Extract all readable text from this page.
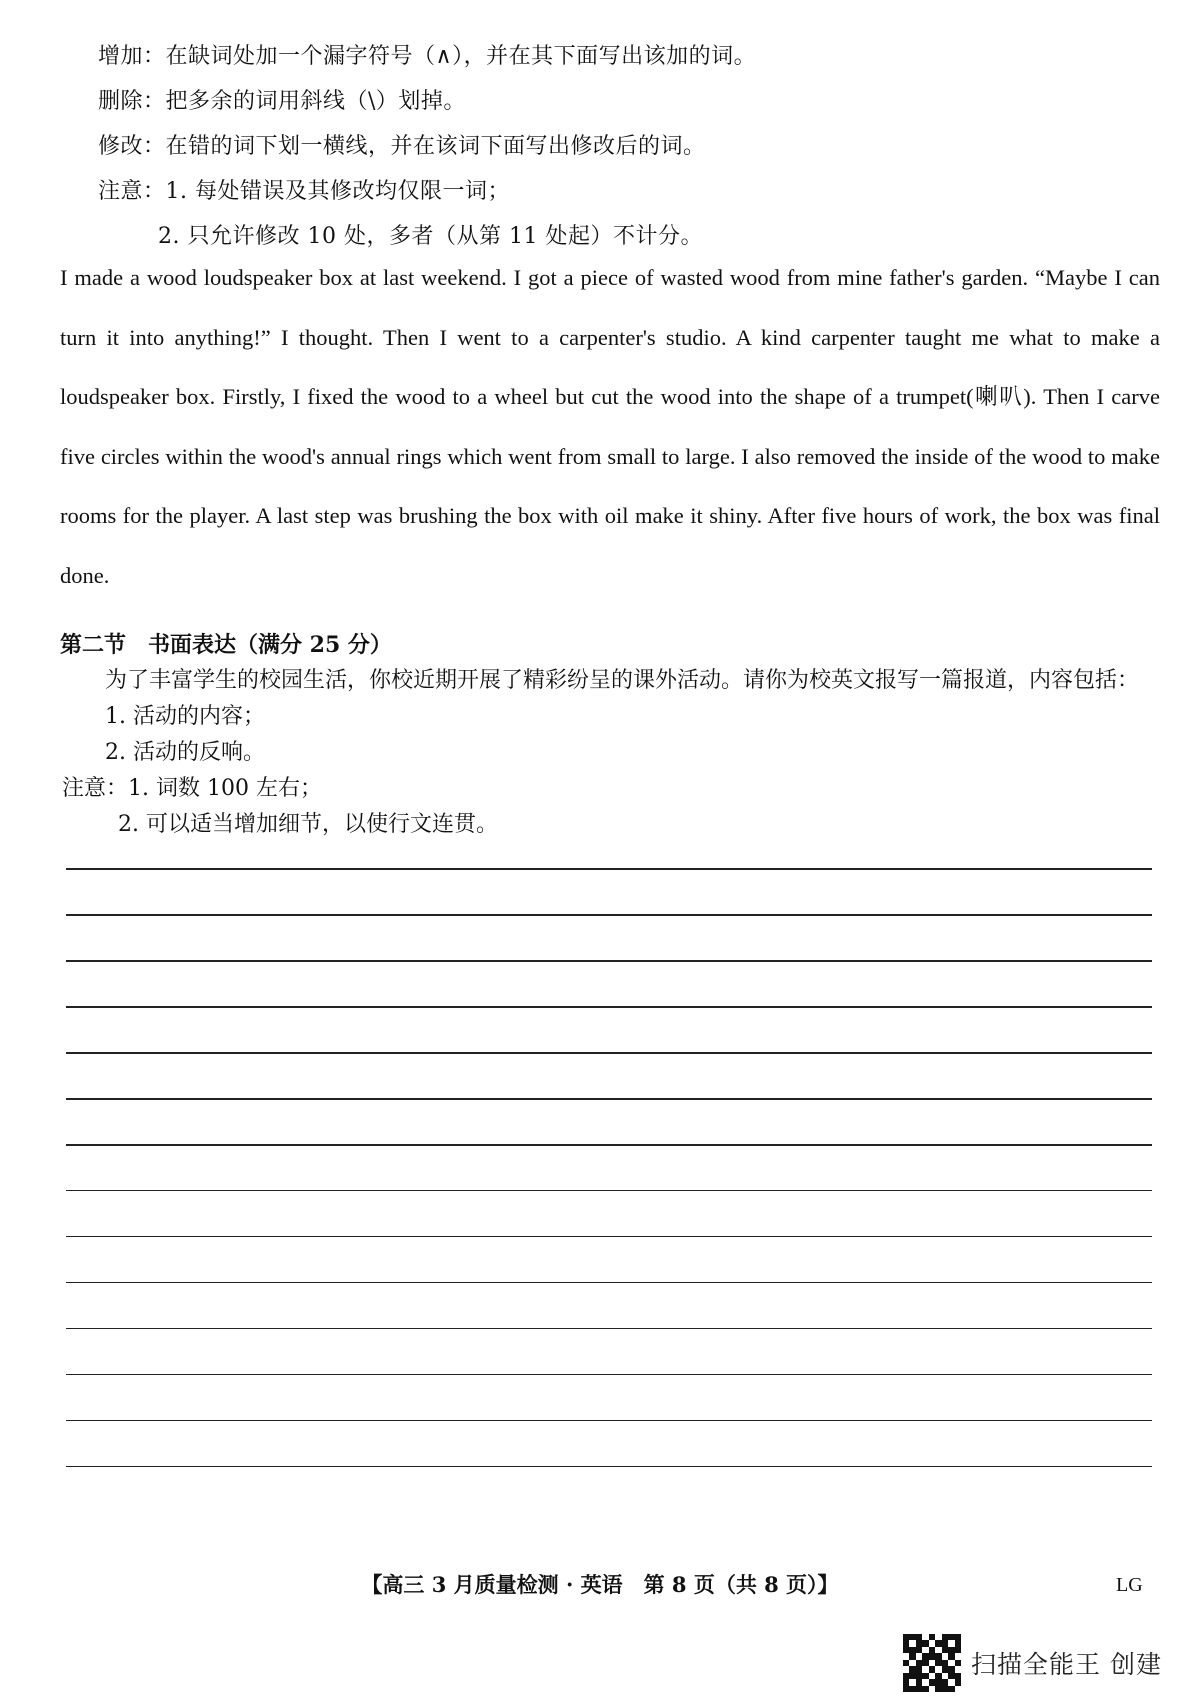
增加：在缺词处加一个漏字符号（∧），并在其下面写出该加的词。
删除：把多余的词用斜线（\）划掉。
修改：在错的词下划一横线，并在该词下面写出修改后的词。
注意：1. 每处错误及其修改均仅限一词；
2. 只允许修改 10 处，多者（从第 11 处起）不计分。

I made a wood loudspeaker box at last weekend. I got a piece of wasted wood from mine father's garden. “Maybe I can turn it into anything!” I thought. Then I went to a carpenter's studio. A kind carpenter taught me what to make a loudspeaker box. Firstly, I fixed the wood to a wheel but cut the wood into the shape of a trumpet(喇叭). Then I carve five circles within the wood's annual rings which went from small to large. I also removed the inside of the wood to make rooms for the player. A last step was brushing the box with oil make it shiny. After five hours of work, the box was final done.

第二节　书面表达（满分 25 分）
为了丰富学生的校园生活，你校近期开展了精彩纷呈的课外活动。请你为校英文报写一篇报道，内容包括：
1. 活动的内容；
2. 活动的反响。
注意：1. 词数 100 左右；
2. 可以适当增加细节，以使行文连贯。
【高三 3 月质量检测 · 英语　第 8 页（共 8 页）】	LG
扫描全能王 创建
